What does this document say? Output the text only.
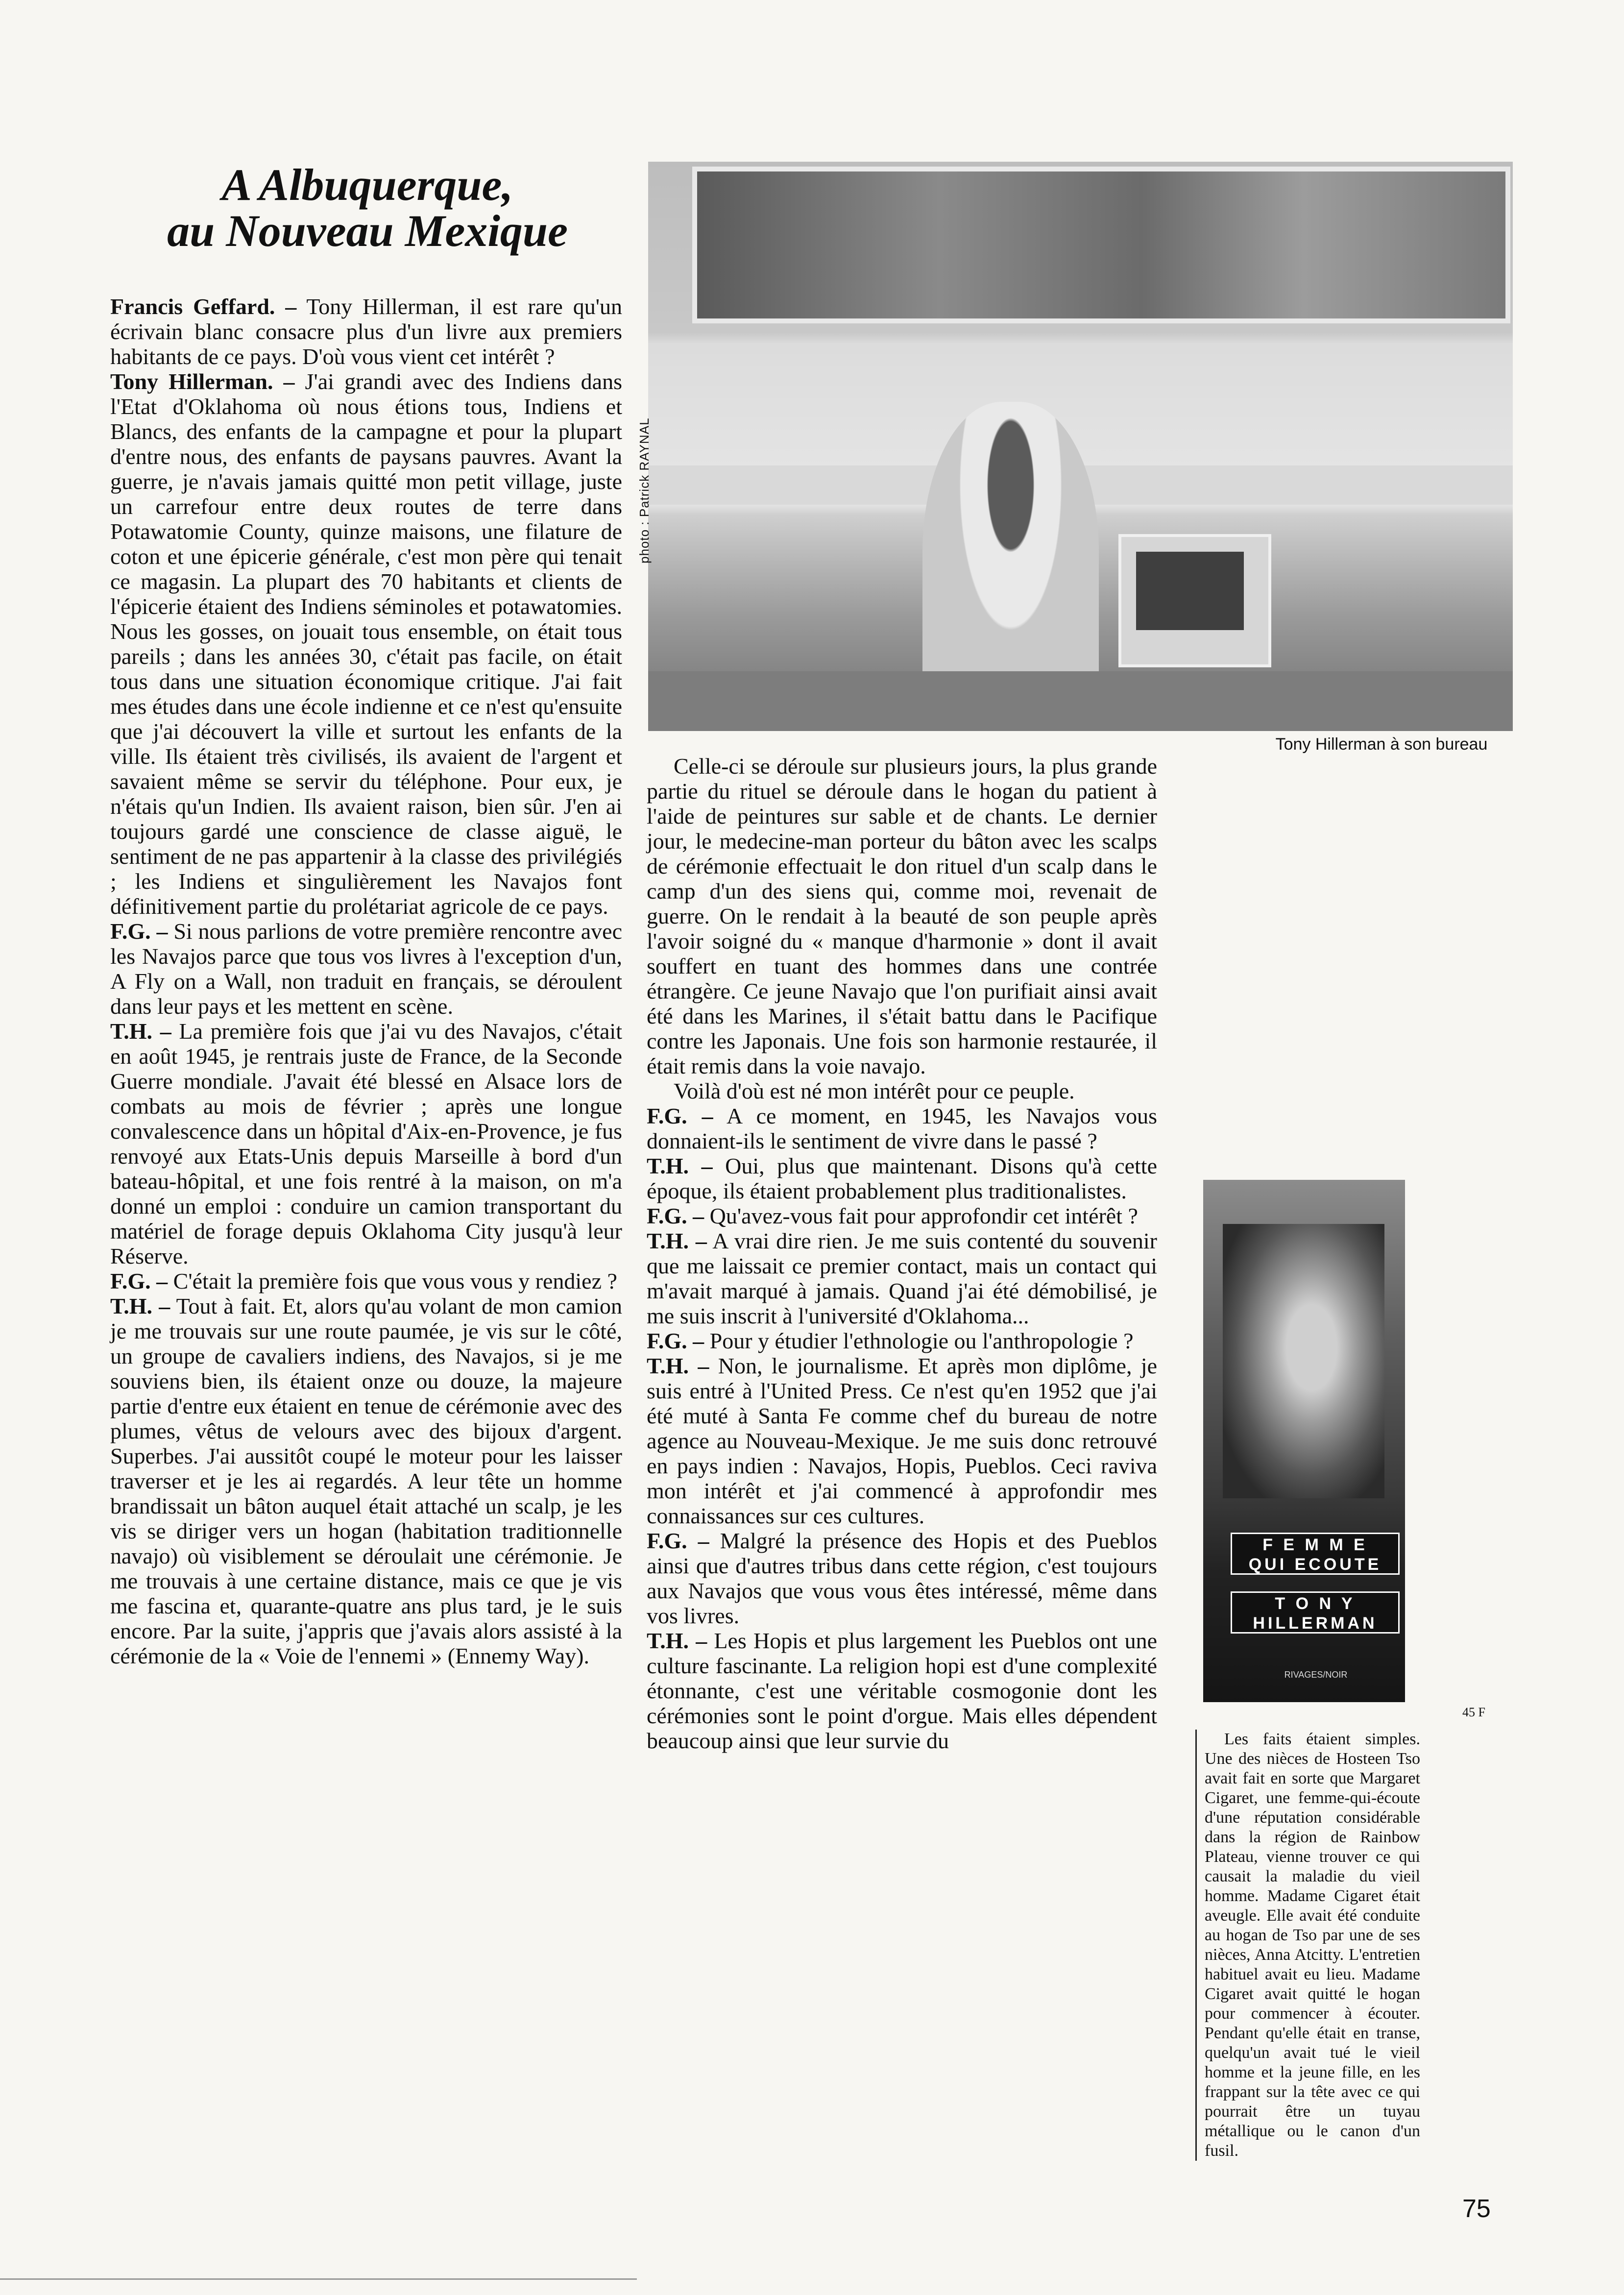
A Albuquerque,
au Nouveau Mexique

Francis Geffard. – Tony Hillerman, il est rare qu'un écrivain blanc consacre plus d'un livre aux premiers habitants de ce pays. D'où vous vient cet intérêt ?

Tony Hillerman. – J'ai grandi avec des Indiens dans l'Etat d'Oklahoma où nous étions tous, Indiens et Blancs, des enfants de la campagne et pour la plupart d'entre nous, des enfants de paysans pauvres. Avant la guerre, je n'avais jamais quitté mon petit village, juste un carrefour entre deux routes de terre dans Potawatomie County, quinze maisons, une filature de coton et une épicerie générale, c'est mon père qui tenait ce magasin. La plupart des 70 habitants et clients de l'épicerie étaient des Indiens séminoles et potawatomies. Nous les gosses, on jouait tous ensemble, on était tous pareils ; dans les années 30, c'était pas facile, on était tous dans une situation économique critique. J'ai fait mes études dans une école indienne et ce n'est qu'ensuite que j'ai découvert la ville et surtout les enfants de la ville. Ils étaient très civilisés, ils avaient de l'argent et savaient même se servir du téléphone. Pour eux, je n'étais qu'un Indien. Ils avaient raison, bien sûr. J'en ai toujours gardé une conscience de classe aiguë, le sentiment de ne pas appartenir à la classe des privilégiés ; les Indiens et singulièrement les Navajos font définitivement partie du prolétariat agricole de ce pays.

F.G. – Si nous parlions de votre première rencontre avec les Navajos parce que tous vos livres à l'exception d'un, A Fly on a Wall, non traduit en français, se déroulent dans leur pays et les mettent en scène.

T.H. – La première fois que j'ai vu des Navajos, c'était en août 1945, je rentrais juste de France, de la Seconde Guerre mondiale. J'avait été blessé en Alsace lors de combats au mois de février ; après une longue convalescence dans un hôpital d'Aix-en-Provence, je fus renvoyé aux Etats-Unis depuis Marseille à bord d'un bateau-hôpital, et une fois rentré à la maison, on m'a donné un emploi : conduire un camion transportant du matériel de forage depuis Oklahoma City jusqu'à leur Réserve.

F.G. – C'était la première fois que vous vous y rendiez ?

T.H. – Tout à fait. Et, alors qu'au volant de mon camion je me trouvais sur une route paumée, je vis sur le côté, un groupe de cavaliers indiens, des Navajos, si je me souviens bien, ils étaient onze ou douze, la majeure partie d'entre eux étaient en tenue de cérémonie avec des plumes, vêtus de velours avec des bijoux d'argent. Superbes. J'ai aussitôt coupé le moteur pour les laisser traverser et je les ai regardés. A leur tête un homme brandissait un bâton auquel était attaché un scalp, je les vis se diriger vers un hogan (habitation traditionnelle navajo) où visiblement se déroulait une cérémonie. Je me trouvais à une certaine distance, mais ce que je vis me fascina et, quarante-quatre ans plus tard, je le suis encore. Par la suite, j'appris que j'avais alors assisté à la cérémonie de la « Voie de l'ennemi » (Ennemy Way).

photo : Patrick RAYNAL
Tony Hillerman à son bureau

Celle-ci se déroule sur plusieurs jours, la plus grande partie du rituel se déroule dans le hogan du patient à l'aide de peintures sur sable et de chants. Le dernier jour, le medecine-man porteur du bâton avec les scalps de cérémonie effectuait le don rituel d'un scalp dans le camp d'un des siens qui, comme moi, revenait de guerre. On le rendait à la beauté de son peuple après l'avoir soigné du « manque d'harmonie » dont il avait souffert en tuant des hommes dans une contrée étrangère. Ce jeune Navajo que l'on purifiait ainsi avait été dans les Marines, il s'était battu dans le Pacifique contre les Japonais. Une fois son harmonie restaurée, il était remis dans la voie navajo.

Voilà d'où est né mon intérêt pour ce peuple.

F.G. – A ce moment, en 1945, les Navajos vous donnaient-ils le sentiment de vivre dans le passé ?

T.H. – Oui, plus que maintenant. Disons qu'à cette époque, ils étaient probablement plus traditionalistes.

F.G. – Qu'avez-vous fait pour approfondir cet intérêt ?

T.H. – A vrai dire rien. Je me suis contenté du souvenir que me laissait ce premier contact, mais un contact qui m'avait marqué à jamais. Quand j'ai été démobilisé, je me suis inscrit à l'université d'Oklahoma...

F.G. – Pour y étudier l'ethnologie ou l'anthropologie ?

T.H. – Non, le journalisme. Et après mon diplôme, je suis entré à l'United Press. Ce n'est qu'en 1952 que j'ai été muté à Santa Fe comme chef du bureau de notre agence au Nouveau-Mexique. Je me suis donc retrouvé en pays indien : Navajos, Hopis, Pueblos. Ceci raviva mon intérêt et j'ai commencé à approfondir mes connaissances sur ces cultures.

F.G. – Malgré la présence des Hopis et des Pueblos ainsi que d'autres tribus dans cette région, c'est toujours aux Navajos que vous vous êtes intéressé, même dans vos livres.

T.H. – Les Hopis et plus largement les Pueblos ont une culture fascinante. La religion hopi est d'une complexité étonnante, c'est une véritable cosmogonie dont les cérémonies sont le point d'orgue. Mais elles dépendent beaucoup ainsi que leur survie du

F E M M E
QUI ECOUTE
T O N Y
HILLERMAN
RIVAGES/NOIR
45 F

Les faits étaient simples. Une des nièces de Hosteen Tso avait fait en sorte que Margaret Cigaret, une femme-qui-écoute d'une réputation considérable dans la région de Rainbow Plateau, vienne trouver ce qui causait la maladie du vieil homme. Madame Cigaret était aveugle. Elle avait été conduite au hogan de Tso par une de ses nièces, Anna Atcitty. L'entretien habituel avait eu lieu. Madame Cigaret avait quitté le hogan pour commencer à écouter. Pendant qu'elle était en transe, quelqu'un avait tué le vieil homme et la jeune fille, en les frappant sur la tête avec ce qui pourrait être un tuyau métallique ou le canon d'un fusil.

75
